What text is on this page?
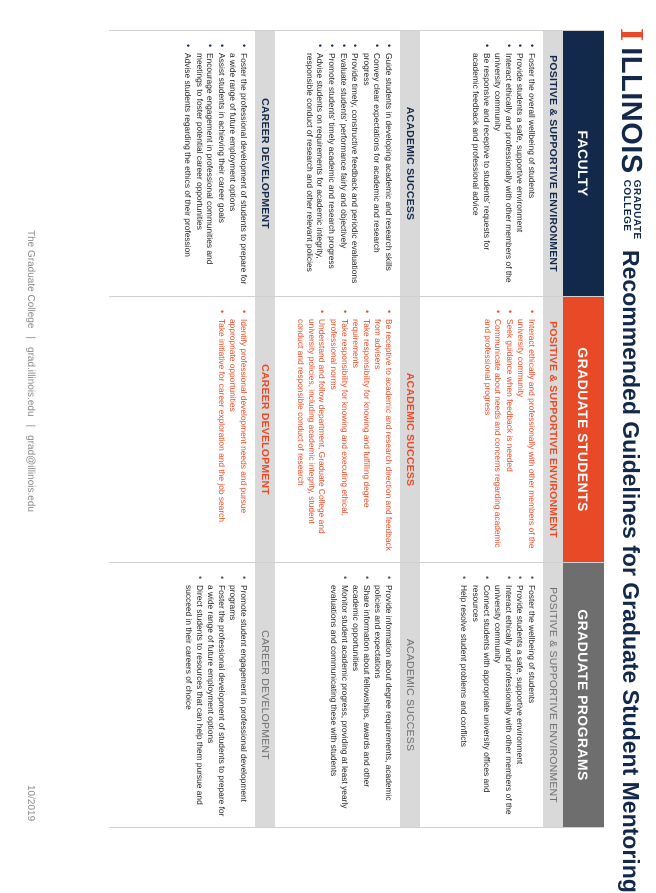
I
ILLINOIS
GRADUATE
COLLEGE
Recommended Guidelines for Graduate Student Mentoring
FACULTY
POSITIVE & SUPPORTIVE ENVIRONMENT
• Foster the overall wellbeing of students
• Provide students a safe, supportive environment
• Interact ethically and professionally with other members of the university community
• Be responsive and receptive to students' requests for academic feedback and professional advice
ACADEMIC SUCCESS
• Guide students in developing academic and research skills
• Convey clear expectations for academic and research progress
• Provide timely, constructive feedback and periodic evaluations
• Evaluate students' performance fairly and objectively
• Promote students' timely academic and research progress
• Advise students on requirements for academic integrity, responsible conduct of research and other relevant policies
CAREER DEVELOPMENT
• Foster the professional development of students to prepare for a wide range of future employment options
• Assist students in achieving their career goals
• Encourage engagement in professional communities and meetings to foster potential career opportunities
• Advise students regarding the ethics of their profession
GRADUATE STUDENTS
POSITIVE & SUPPORTIVE ENVIRONMENT
• Interact ethically and professionally with other members of the university community
• Seek guidance when feedback is needed
• Communicate about needs and concerns regarding academic and professional progress
ACADEMIC SUCCESS
• Be receptive to academic and research direction and feedback from advisers
• Take responsibility for knowing and fulfilling degree requirements
• Take responsibility for knowing and executing ethical, professional norms
• Understand and follow department, Graduate College and university policies, including academic integrity, student conduct and responsible conduct of research
CAREER DEVELOPMENT
• Identify professional development needs and pursue appropriate opportunities
• Take initiative for career exploration and the job search
GRADUATE PROGRAMS
POSITIVE & SUPPORTIVE ENVIRONMENT
• Foster the wellbeing of students
• Provide students a safe, supportive environment
• Interact ethically and professionally with other members of the university community
• Connect students with appropriate university offices and resources
• Help resolve student problems and conflicts
ACADEMIC SUCCESS
• Provide information about degree requirements, academic policies and expectations
• Share information about fellowships, awards and other academic opportunities
• Monitor student academic progress, providing at least yearly evaluations and communicating these with students
CAREER DEVELOPMENT
• Promote student engagement in professional development programs
• Foster the professional development of students to prepare for a wide range of future employment options
• Direct students to resources that can help them pursue and succeed in their careers of choice
The Graduate College|grad.illinois.edu|grad@illinois.edu
10/2019
